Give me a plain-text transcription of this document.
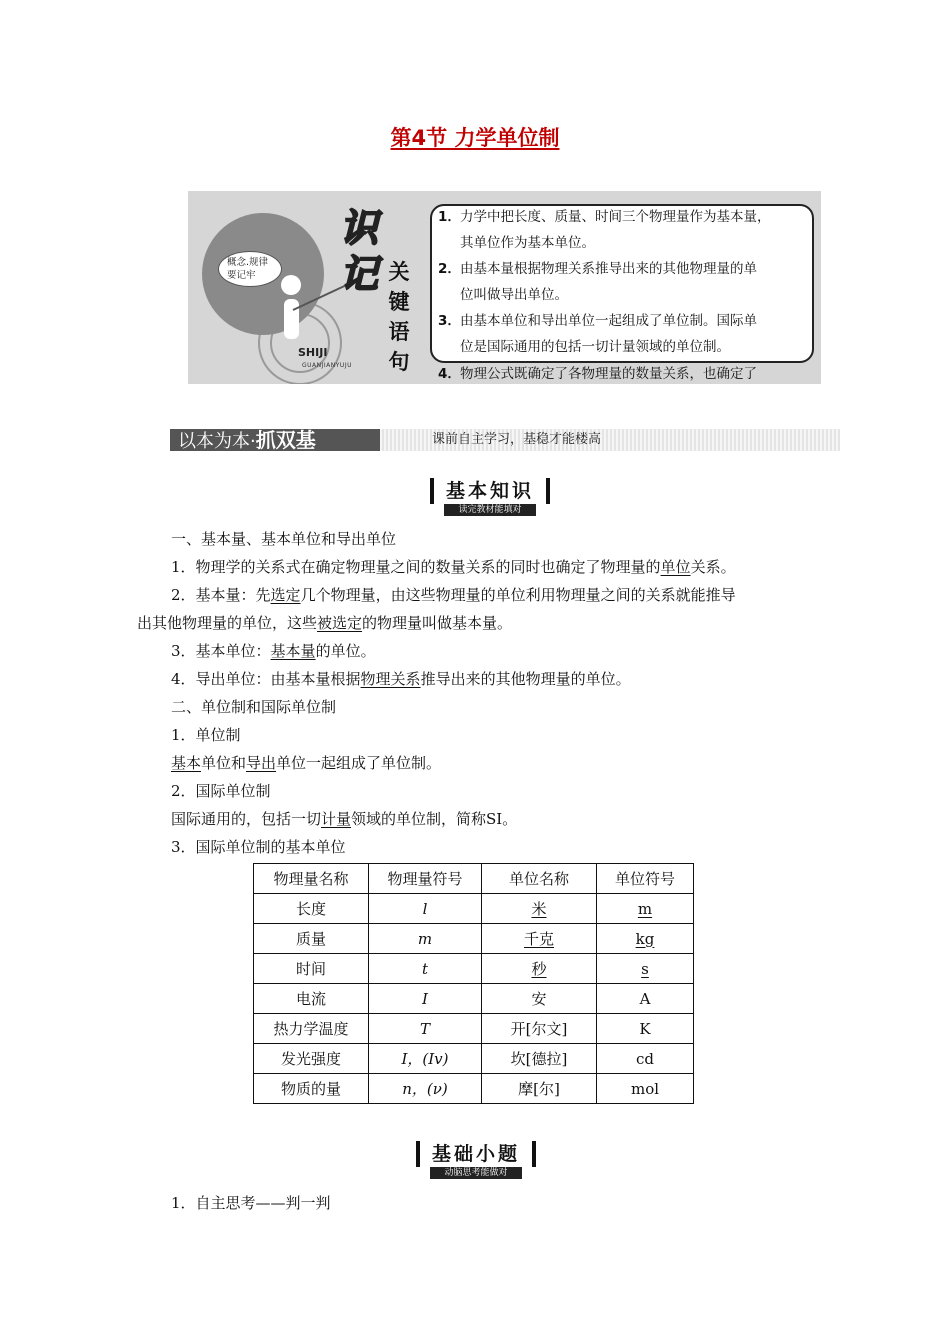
第4节 力学单位制
概念.规律
要记牢
SHIJI
GUANJIANYUJU
识
记 关
键
语
句
1．力学中把长度、质量、时间三个物理量作为基本量，
其单位作为基本单位。
2．由基本量根据物理关系推导出来的其他物理量的单
位叫做导出单位。
3．由基本单位和导出单位一起组成了单位制。国际单
位是国际通用的包括一切计量领域的单位制。
4．物理公式既确定了各物理量的数量关系，也确定了
以本为本·抓双基	课前自主学习，基稳才能楼高
基本知识
读完教材能填对
一、基本量、基本单位和导出单位
1．物理学的关系式在确定物理量之间的数量关系的同时也确定了物理量的单位关系。
2．基本量：先选定几个物理量，由这些物理量的单位利用物理量之间的关系就能推导
出其他物理量的单位，这些被选定的物理量叫做基本量。
3．基本单位：基本量的单位。
4．导出单位：由基本量根据物理关系推导出来的其他物理量的单位。
二、单位制和国际单位制
1．单位制
基本单位和导出单位一起组成了单位制。
2．国际单位制
国际通用的，包括一切计量领域的单位制，简称SI。
3．国际单位制的基本单位
物理量名称	物理量符号	单位名称	单位符号
长度	l	米	m
质量	m	千克	kg
时间	t	秒	s
电流	I	安	A
热力学温度	T	开[尔文]	K
发光强度	I，(Iv)	坎[德拉]	cd
物质的量	n，(ν)	摩[尔]	mol
基础小题
动脑思考能做对
1．自主思考——判一判
